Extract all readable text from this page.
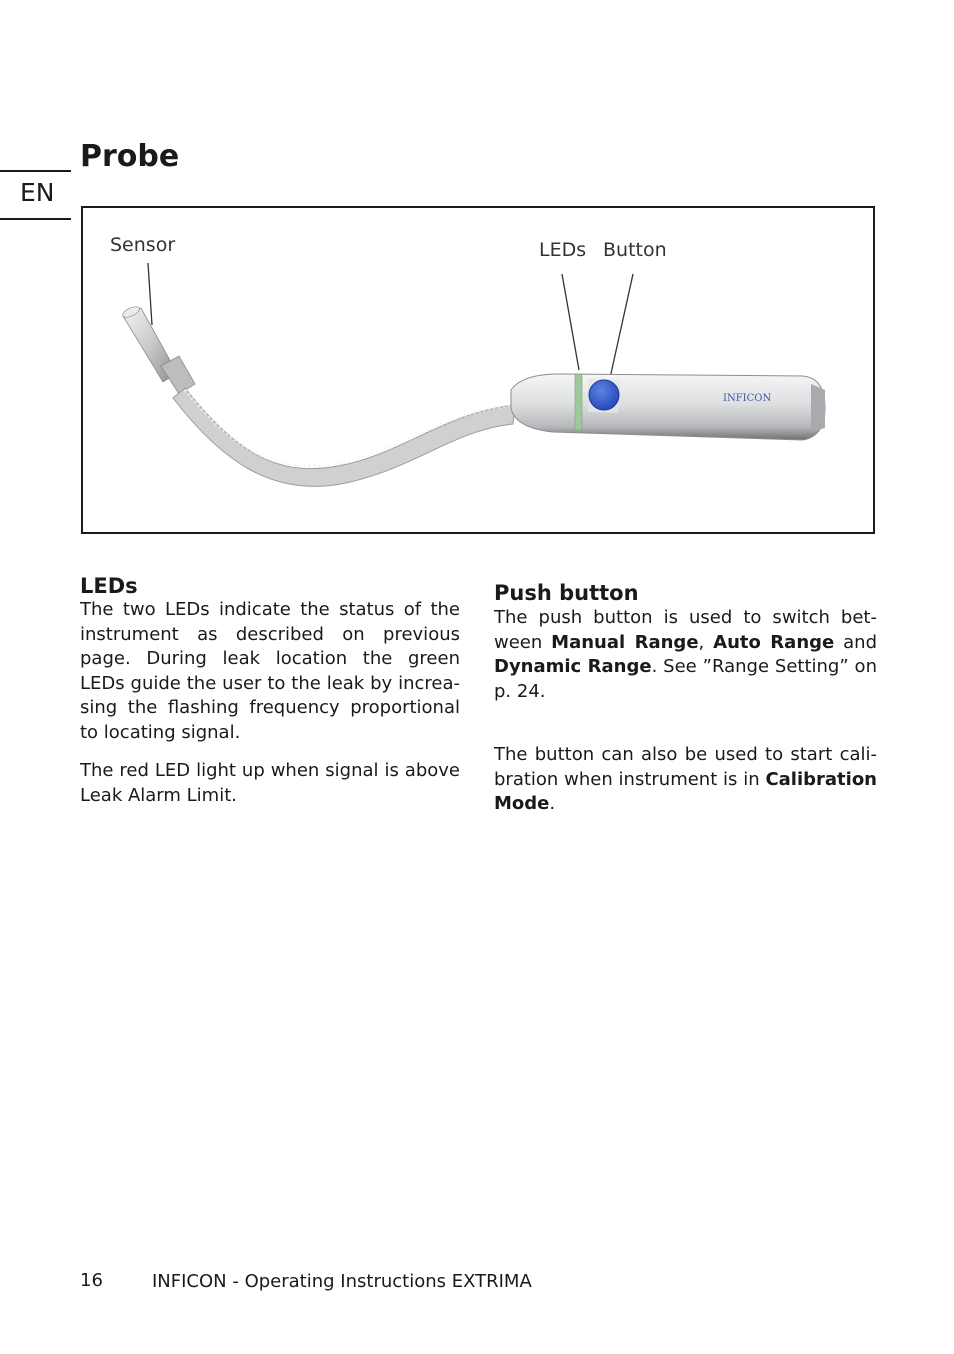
EN
Probe
INFICON
Sensor	LEDs Button
LEDs
The two LEDs indicate the status of the instrument as described on previous page. During leak location the green LEDs guide the user to the leak by increa-sing the flashing frequency proportional to locating signal.
The red LED light up when signal is above Leak Alarm Limit.
Push button
The push button is used to switch bet-ween Manual Range, Auto Range and Dynamic Range. See ”Range Setting” on p. 24.
The button can also be used to start cali-bration when instrument is in Calibration Mode.
16	INFICON - Operating Instructions EXTRIMA
